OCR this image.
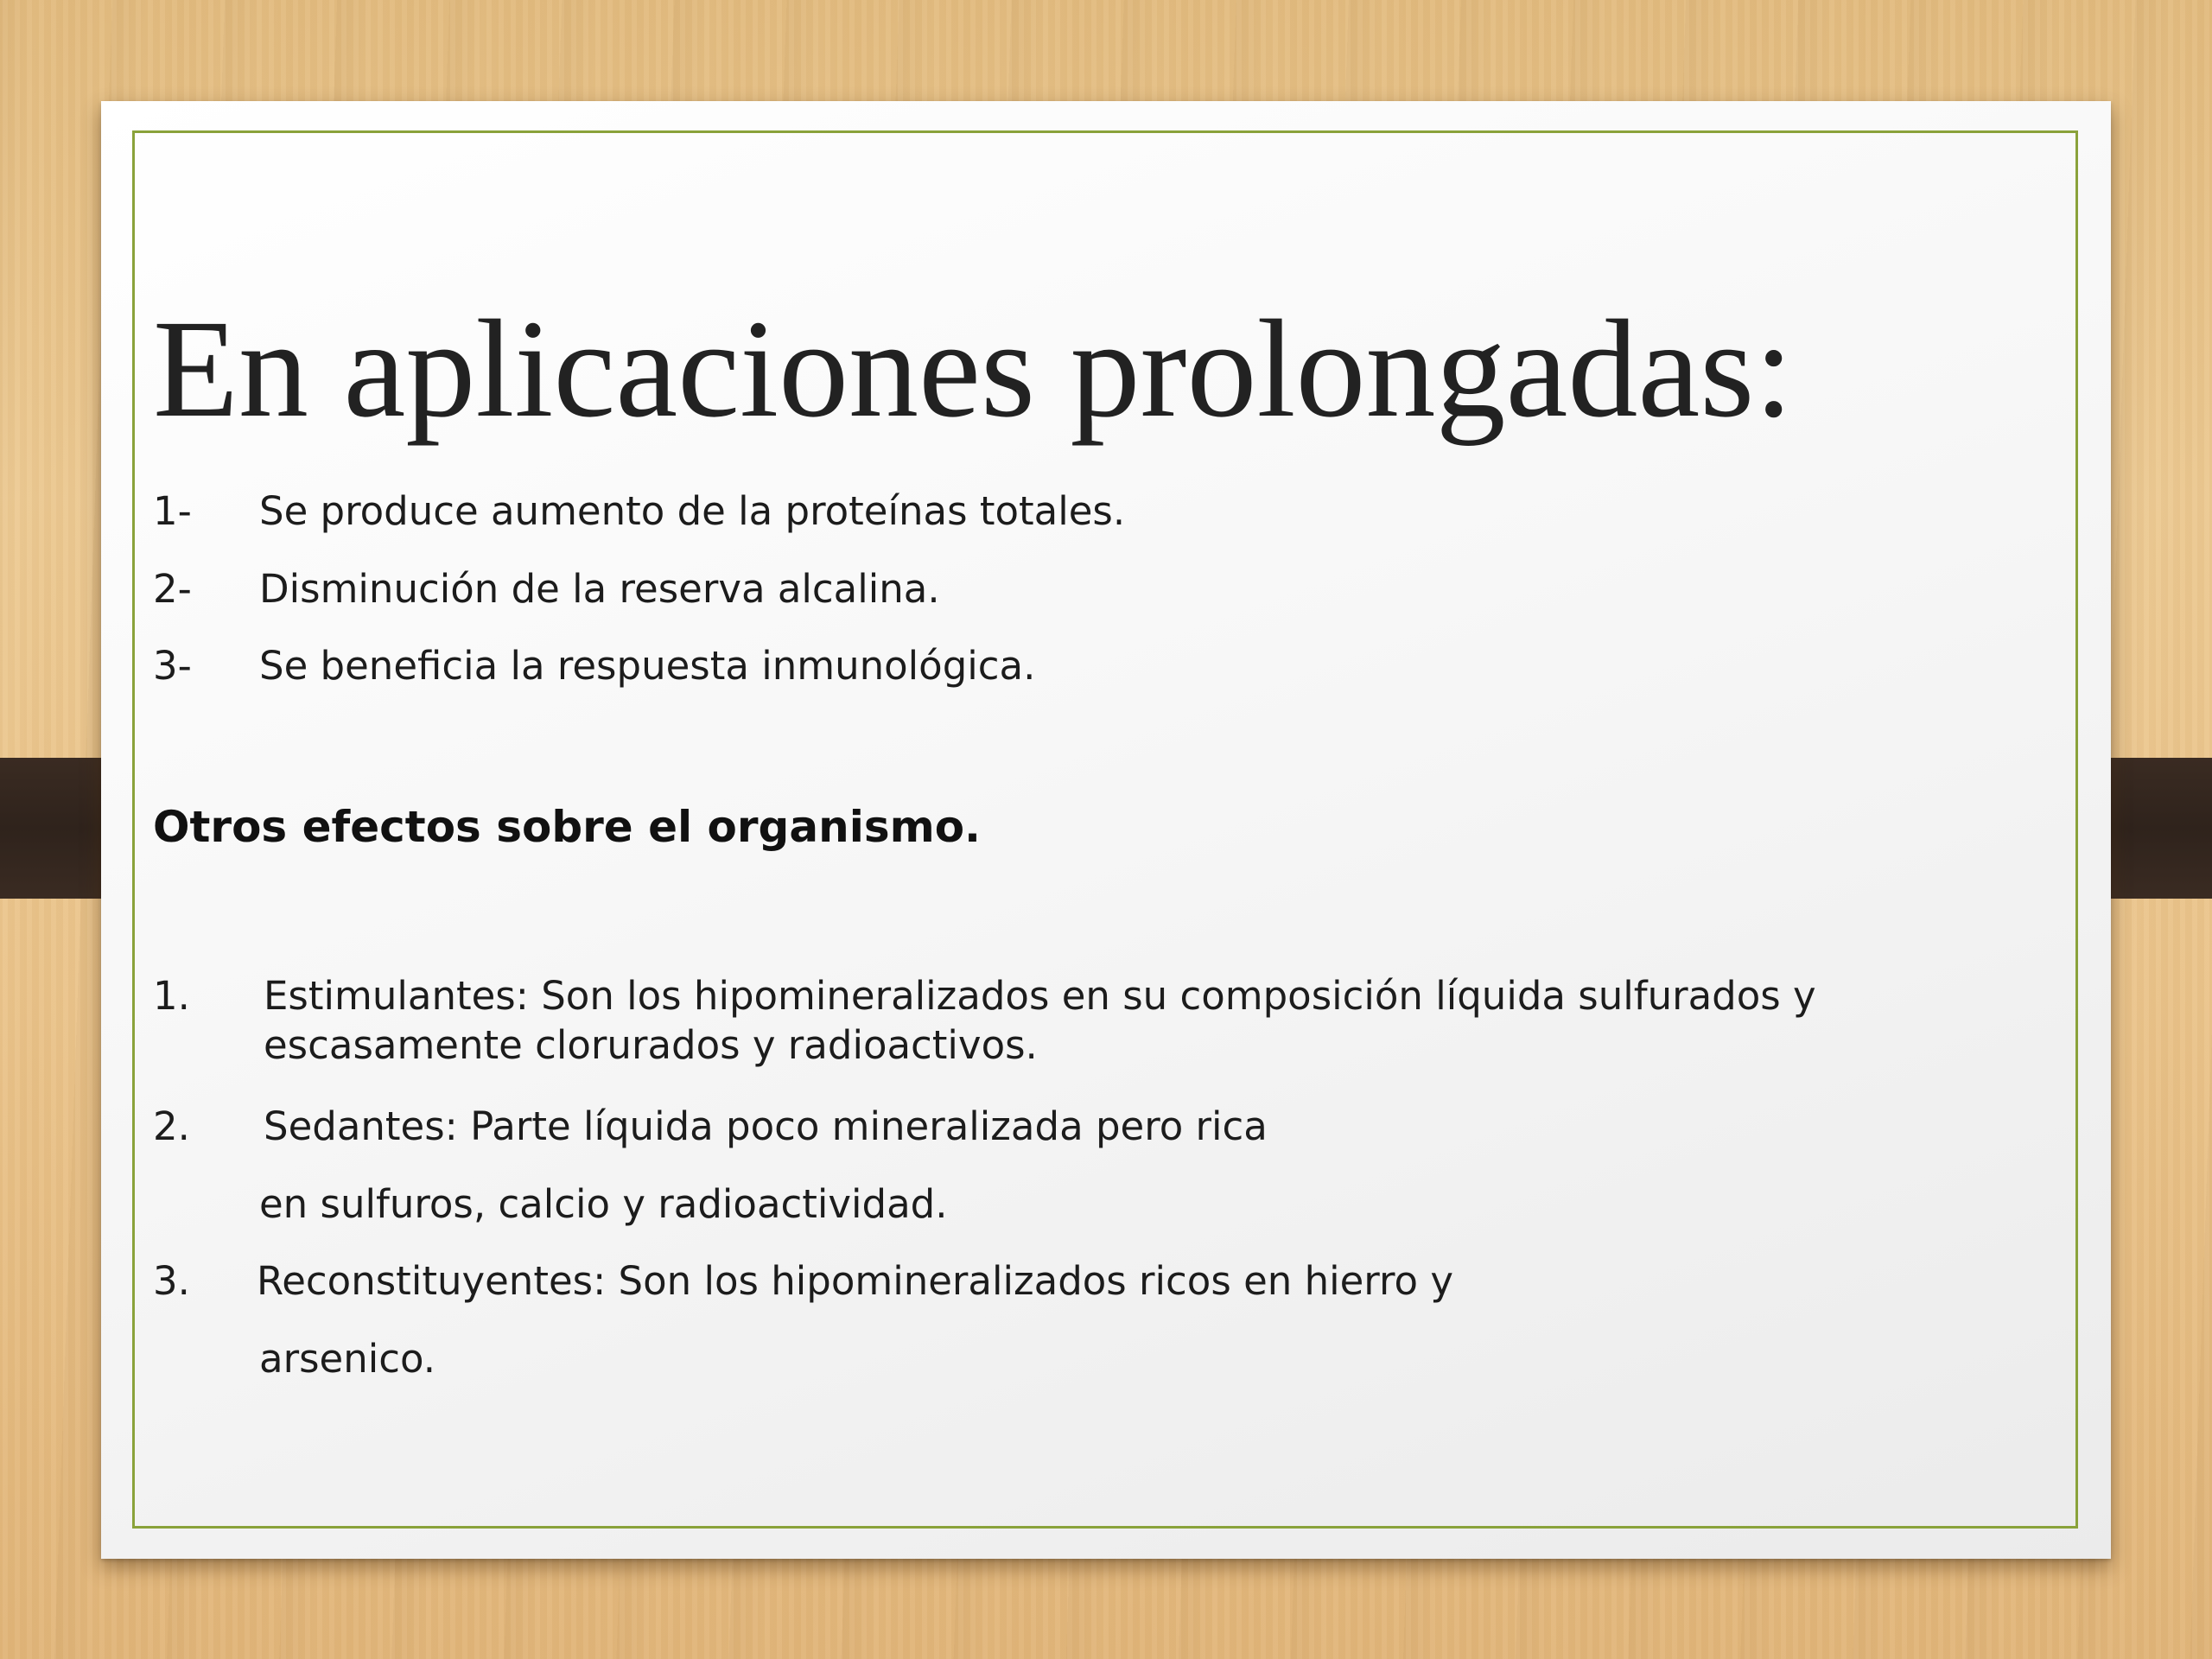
En aplicaciones prolongadas:
1- Se produce aumento de la proteínas totales.
2- Disminución de la reserva alcalina.
3- Se beneficia la respuesta inmunológica.
Otros efectos sobre el organismo.
1. Estimulantes: Son los hipomineralizados en su composición líquida sulfurados y
escasamente clorurados y radioactivos.
2. Sedantes: Parte líquida poco mineralizada pero rica
en sulfuros, calcio y radioactividad.
3. Reconstituyentes: Son los hipomineralizados ricos en hierro y
arsenico.
